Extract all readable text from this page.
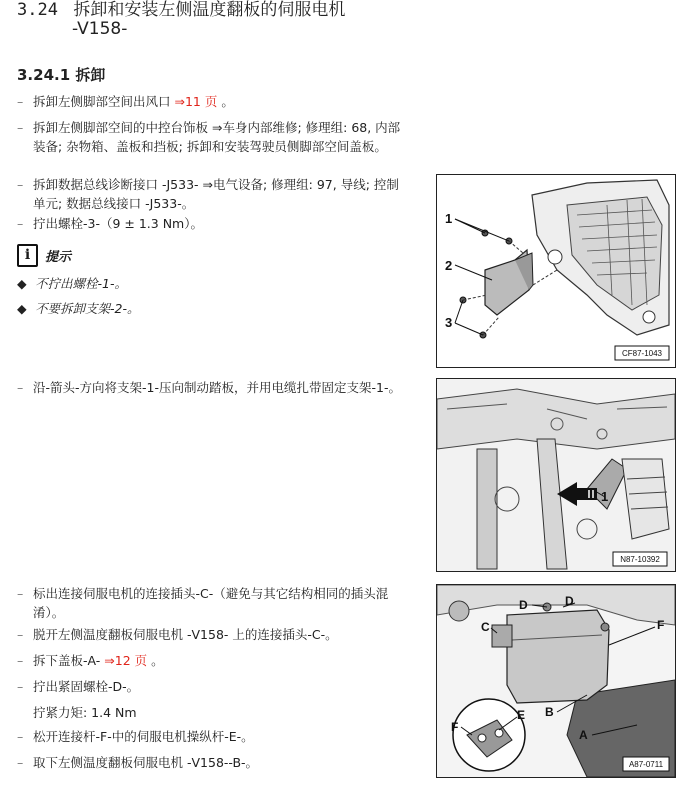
3.24 拆卸和安装左侧温度翻板的伺服电机
-V158-
3.24.1 拆卸
– 拆卸左侧脚部空间出风口 ⇒11 页 。
– 拆卸左侧脚部空间的中控台饰板 ⇒车身内部维修; 修理组: 68, 内部装备; 杂物箱、盖板和挡板; 拆卸和安装驾驶员侧脚部空间盖板。
– 拆卸数据总线诊断接口 -J533- ⇒电气设备; 修理组: 97, 导线; 控制单元; 数据总线接口 -J533-。
– 拧出螺栓-3-（9 ± 1.3 Nm）。
i	提示
◆ 不拧出螺栓-1-。
◆ 不要拆卸支架-2-。
– 沿-箭头-方向将支架-1-压向制动踏板，并用电缆扎带固定支架-1-。
– 标出连接伺服电机的连接插头-C-（避免与其它结构相同的插头混淆）。
– 脱开左侧温度翻板伺服电机 -V158- 上的连接插头-C-。
– 拆下盖板-A- ⇒12 页 。
– 拧出紧固螺栓-D-。
拧紧力矩: 1.4 Nm
– 松开连接杆-F-中的伺服电机操纵杆-E-。
– 取下左侧温度翻板伺服电机 -V158--B-。
1
2
3
CF87-1043
1
N87-10392
D	D
C	F
B
A
F
E
A87-0711
